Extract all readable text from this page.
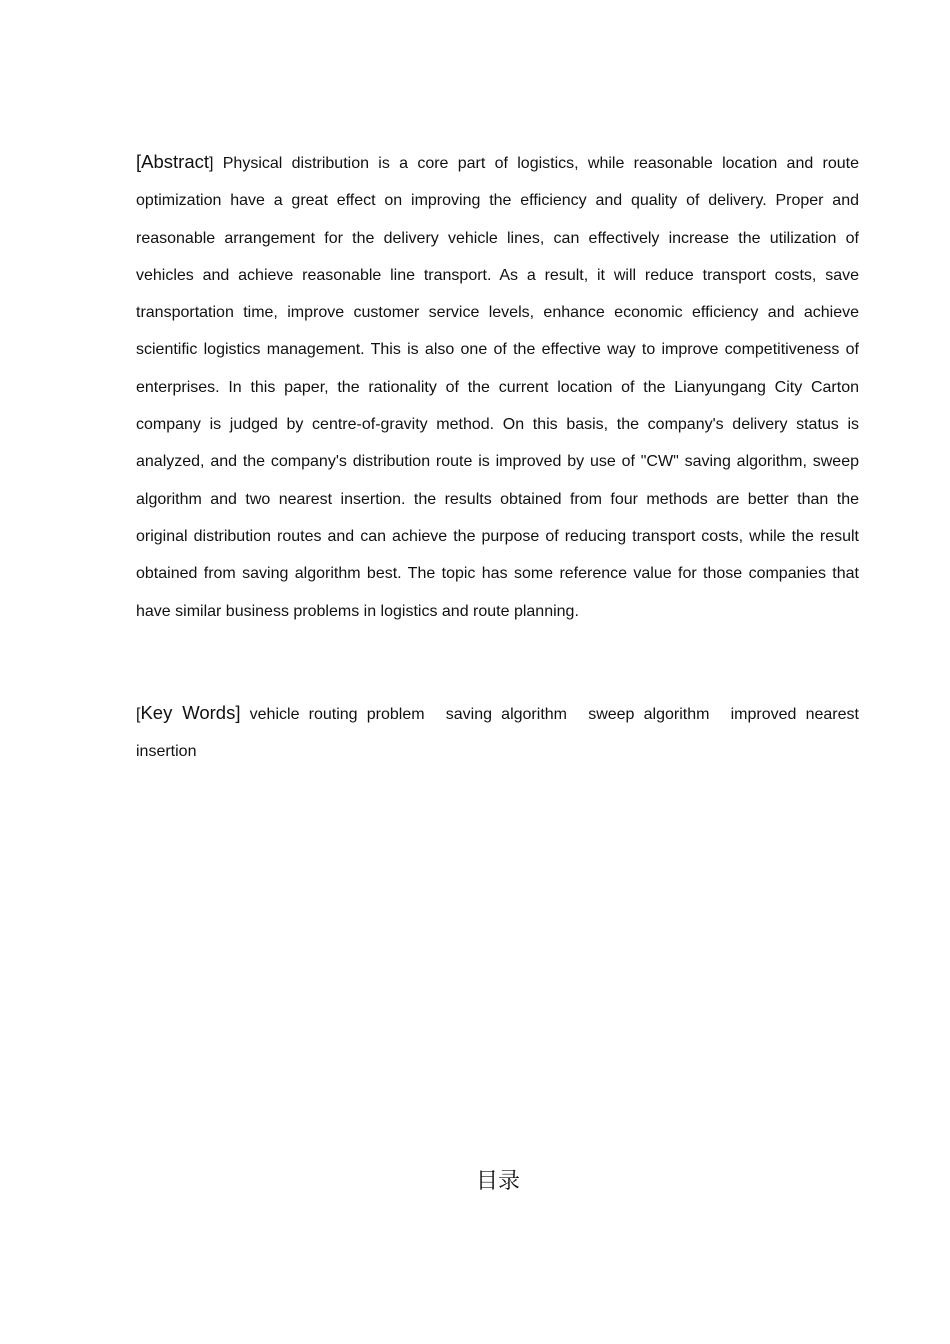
[Abstract] Physical distribution is a core part of logistics, while reasonable location and route optimization have a great effect on improving the efficiency and quality of delivery. Proper and reasonable arrangement for the delivery vehicle lines, can effectively increase the utilization of vehicles and achieve reasonable line transport. As a result, it will reduce transport costs, save transportation time, improve customer service levels, enhance economic efficiency and achieve scientific logistics management. This is also one of the effective way to improve competitiveness of enterprises. In this paper, the rationality of the current location of the Lianyungang City Carton company is judged by centre-of-gravity method. On this basis, the company's delivery status is analyzed, and the company's distribution route is improved by use of "CW" saving algorithm, sweep algorithm and two nearest insertion. the results obtained from four methods are better than the original distribution routes and can achieve the purpose of reducing transport costs, while the result obtained from saving algorithm best. The topic has some reference value for those companies that have similar business problems in logistics and route planning.

[Key Words] vehicle routing problem saving algorithm sweep algorithm improved nearest insertion

目录
